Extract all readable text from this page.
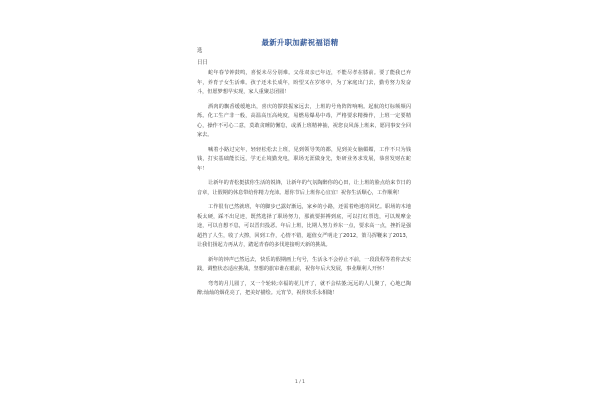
最新升职加薪祝福语精
选
日日

蛇年春节钟鼓鸣，喜悦未尽分别难。父母双亲已年迈，不能尽孝在膝前。要了能我已弃年，养育子女生活难。孩子还未长成年，盼望又在岁寒中，为了家庭出门去，勤劳努力发奋斗，但愿梦想早实现，家人重聚总团圆！

酒肉的飘香缓缓地出，喜庆的锣鼓振家远去，上班的号角阵阵响响。起航的灯标频频闪烁。化工生产非一般，高温高压高纯度，易燃易爆易中毒，严格要求精操作，上班一定要精心，操作不可心二意，莫敢贪睡防懈怠，或酒上班精神抽，祝您良风荡上班来，愿同事安全回家去。

喊着小路过完年，轻轻松松去上班，见到领导笑的都，见到美女脑媚媚，工作不只为钱钱，打实基础能长远，学无止境勤充电，职场无涯做身先，矩研业务求发展，恭喜发财在蛇年！

让新年的青松挺拔你生活的锐锋，让新年的气氛陶醉你的心田，让上班的脸点给来节日的音章，让假期的休息带给你精力充沛。愿你节后上班你心宜宜！祝你生活顺心，工作顺利！

工作很有已然就班，年的脚步已露好渐远，家乡的小路，还需着绝迷的回忆。职场的木地板太硬，踩不出足迹，既然选择了职场努力，那就要拼搏到底，可以打红票选，可以规摩金途，可以自想不息，可以晋归投恶。年后上班，比期人努力养东一点，要求高一点，挫折是强超挡了人生，收了大擦，回到工作，心情不错，超值女严明走了2012，策马挥鞭来了2013，让我们扬起力再从方，踏起青春的多伐迎接明天新的挑战。

新年的钟声已然远去，快乐的假期画上句号，生活永不会停止不前，一段段程等着你去实践，调整状态适应挑战，坚想的旅帘谁在眼前，祝你年后大发展，事业顺利人开怀！

弯弯的月儿圆了，又一个轮转;幸福的花儿开了，就不会枯萎;远远的人儿聚了，心地已陶醉;灿灿的烟花亮了，把美好描绘。元宵节，祝你快乐永相随！

1 / 1
